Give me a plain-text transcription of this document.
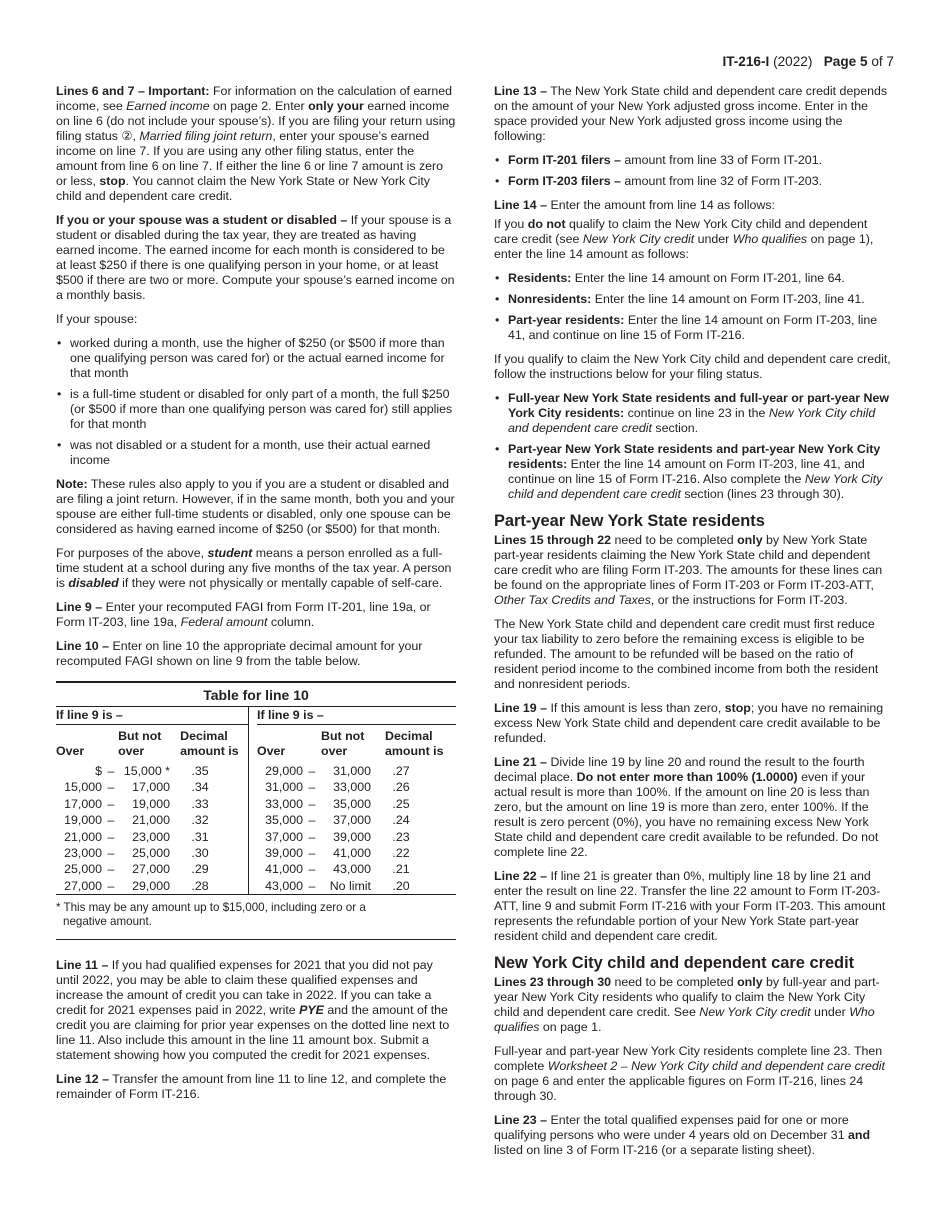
IT-216-I (2022) Page 5 of 7

Lines 6 and 7 – Important: For information on the calculation of earned income, see Earned income on page 2. Enter only your earned income on line 6 (do not include your spouse’s). If you are filing your return using filing status ②, Married filing joint return, enter your spouse’s earned income on line 7. If you are using any other filing status, enter the amount from line 6 on line 7. If either the line 6 or line 7 amount is zero or less, stop. You cannot claim the New York State or New York City child and dependent care credit.

If you or your spouse was a student or disabled – If your spouse is a student or disabled during the tax year, they are treated as having earned income. The earned income for each month is considered to be at least $250 if there is one qualifying person in your home, or at least $500 if there are two or more. Compute your spouse’s earned income on a monthly basis.

If your spouse:

• worked during a month, use the higher of $250 (or $500 if more than one qualifying person was cared for) or the actual earned income for that month
• is a full-time student or disabled for only part of a month, the full $250 (or $500 if more than one qualifying person was cared for) still applies for that month
• was not disabled or a student for a month, use their actual earned income

Note: These rules also apply to you if you are a student or disabled and are filing a joint return. However, if in the same month, both you and your spouse are either full-time students or disabled, only one spouse can be considered as having earned income of $250 (or $500) for that month.

For purposes of the above, student means a person enrolled as a full-time student at a school during any five months of the tax year. A person is disabled if they were not physically or mentally capable of self-care.

Line 9 – Enter your recomputed FAGI from Form IT-201, line 19a, or Form IT-203, line 19a, Federal amount column.

Line 10 – Enter on line 10 the appropriate decimal amount for your recomputed FAGI shown on line 9 from the table below.

Table for line 10
If line 9 is –
Over
But not
over
Decimal
amount is
$ – 15,000 *	.35
15,000 –	17,000	.34
17,000 –	19,000	.33
19,000 –	21,000	.32
21,000 –	23,000	.31
23,000 –	25,000	.30
25,000 –	27,000	.29
27,000 –	29,000	.28
If line 9 is –
Over
But not
over
Decimal
amount is
29,000 –	31,000	.27
31,000 –	33,000	.26
33,000 –	35,000	.25
35,000 –	37,000	.24
37,000 –	39,000	.23
39,000 –	41,000	.22
41,000 –	43,000	.21
43,000 –	No limit	.20
* This may be any amount up to $15,000, including zero or a
negative amount.

Line 11 – If you had qualified expenses for 2021 that you did not pay until 2022, you may be able to claim these qualified expenses and increase the amount of credit you can take in 2022. If you can take a credit for 2021 expenses paid in 2022, write PYE and the amount of the credit you are claiming for prior year expenses on the dotted line next to line 11. Also include this amount in the line 11 amount box. Submit a statement showing how you computed the credit for 2021 expenses.

Line 12 – Transfer the amount from line 11 to line 12, and complete the remainder of Form IT-216.

Line 13 – The New York State child and dependent care credit depends on the amount of your New York adjusted gross income. Enter in the space provided your New York adjusted gross income using the following:

• Form IT-201 filers – amount from line 33 of Form IT-201.
• Form IT-203 filers – amount from line 32 of Form IT-203.

Line 14 – Enter the amount from line 14 as follows:

If you do not qualify to claim the New York City child and dependent care credit (see New York City credit under Who qualifies on page 1), enter the line 14 amount as follows:

• Residents: Enter the line 14 amount on Form IT-201, line 64.
• Nonresidents: Enter the line 14 amount on Form IT-203, line 41.
• Part-year residents: Enter the line 14 amount on Form IT-203, line 41, and continue on line 15 of Form IT-216.

If you qualify to claim the New York City child and dependent care credit, follow the instructions below for your filing status.

• Full-year New York State residents and full-year or part-year New York City residents: continue on line 23 in the New York City child and dependent care credit section.
• Part-year New York State residents and part-year New York City residents: Enter the line 14 amount on Form IT-203, line 41, and continue on line 15 of Form IT-216. Also complete the New York City child and dependent care credit section (lines 23 through 30).
Part-year New York State residents

Lines 15 through 22 need to be completed only by New York State part-year residents claiming the New York State child and dependent care credit who are filing Form IT-203. The amounts for these lines can be found on the appropriate lines of Form IT-203 or Form IT-203-ATT, Other Tax Credits and Taxes, or the instructions for Form IT-203.

The New York State child and dependent care credit must first reduce your tax liability to zero before the remaining excess is eligible to be refunded. The amount to be refunded will be based on the ratio of resident period income to the combined income from both the resident and nonresident periods.

Line 19 – If this amount is less than zero, stop; you have no remaining excess New York State child and dependent care credit available to be refunded.

Line 21 – Divide line 19 by line 20 and round the result to the fourth decimal place. Do not enter more than 100% (1.0000) even if your actual result is more than 100%. If the amount on line 20 is less than zero, but the amount on line 19 is more than zero, enter 100%. If the result is zero percent (0%), you have no remaining excess New York State child and dependent care credit available to be refunded. Do not complete line 22.

Line 22 – If line 21 is greater than 0%, multiply line 18 by line 21 and enter the result on line 22. Transfer the line 22 amount to Form IT-203-ATT, line 9 and submit Form IT-216 with your Form IT-203. This amount represents the refundable portion of your New York State part-year resident child and dependent care credit.

New York City child and dependent care credit

Lines 23 through 30 need to be completed only by full-year and part-year New York City residents who qualify to claim the New York City child and dependent care credit. See New York City credit under Who qualifies on page 1.

Full-year and part-year New York City residents complete line 23. Then complete Worksheet 2 – New York City child and dependent care credit on page 6 and enter the applicable figures on Form IT-216, lines 24 through 30.

Line 23 – Enter the total qualified expenses paid for one or more qualifying persons who were under 4 years old on December 31 and listed on line 3 of Form IT-216 (or a separate listing sheet).
